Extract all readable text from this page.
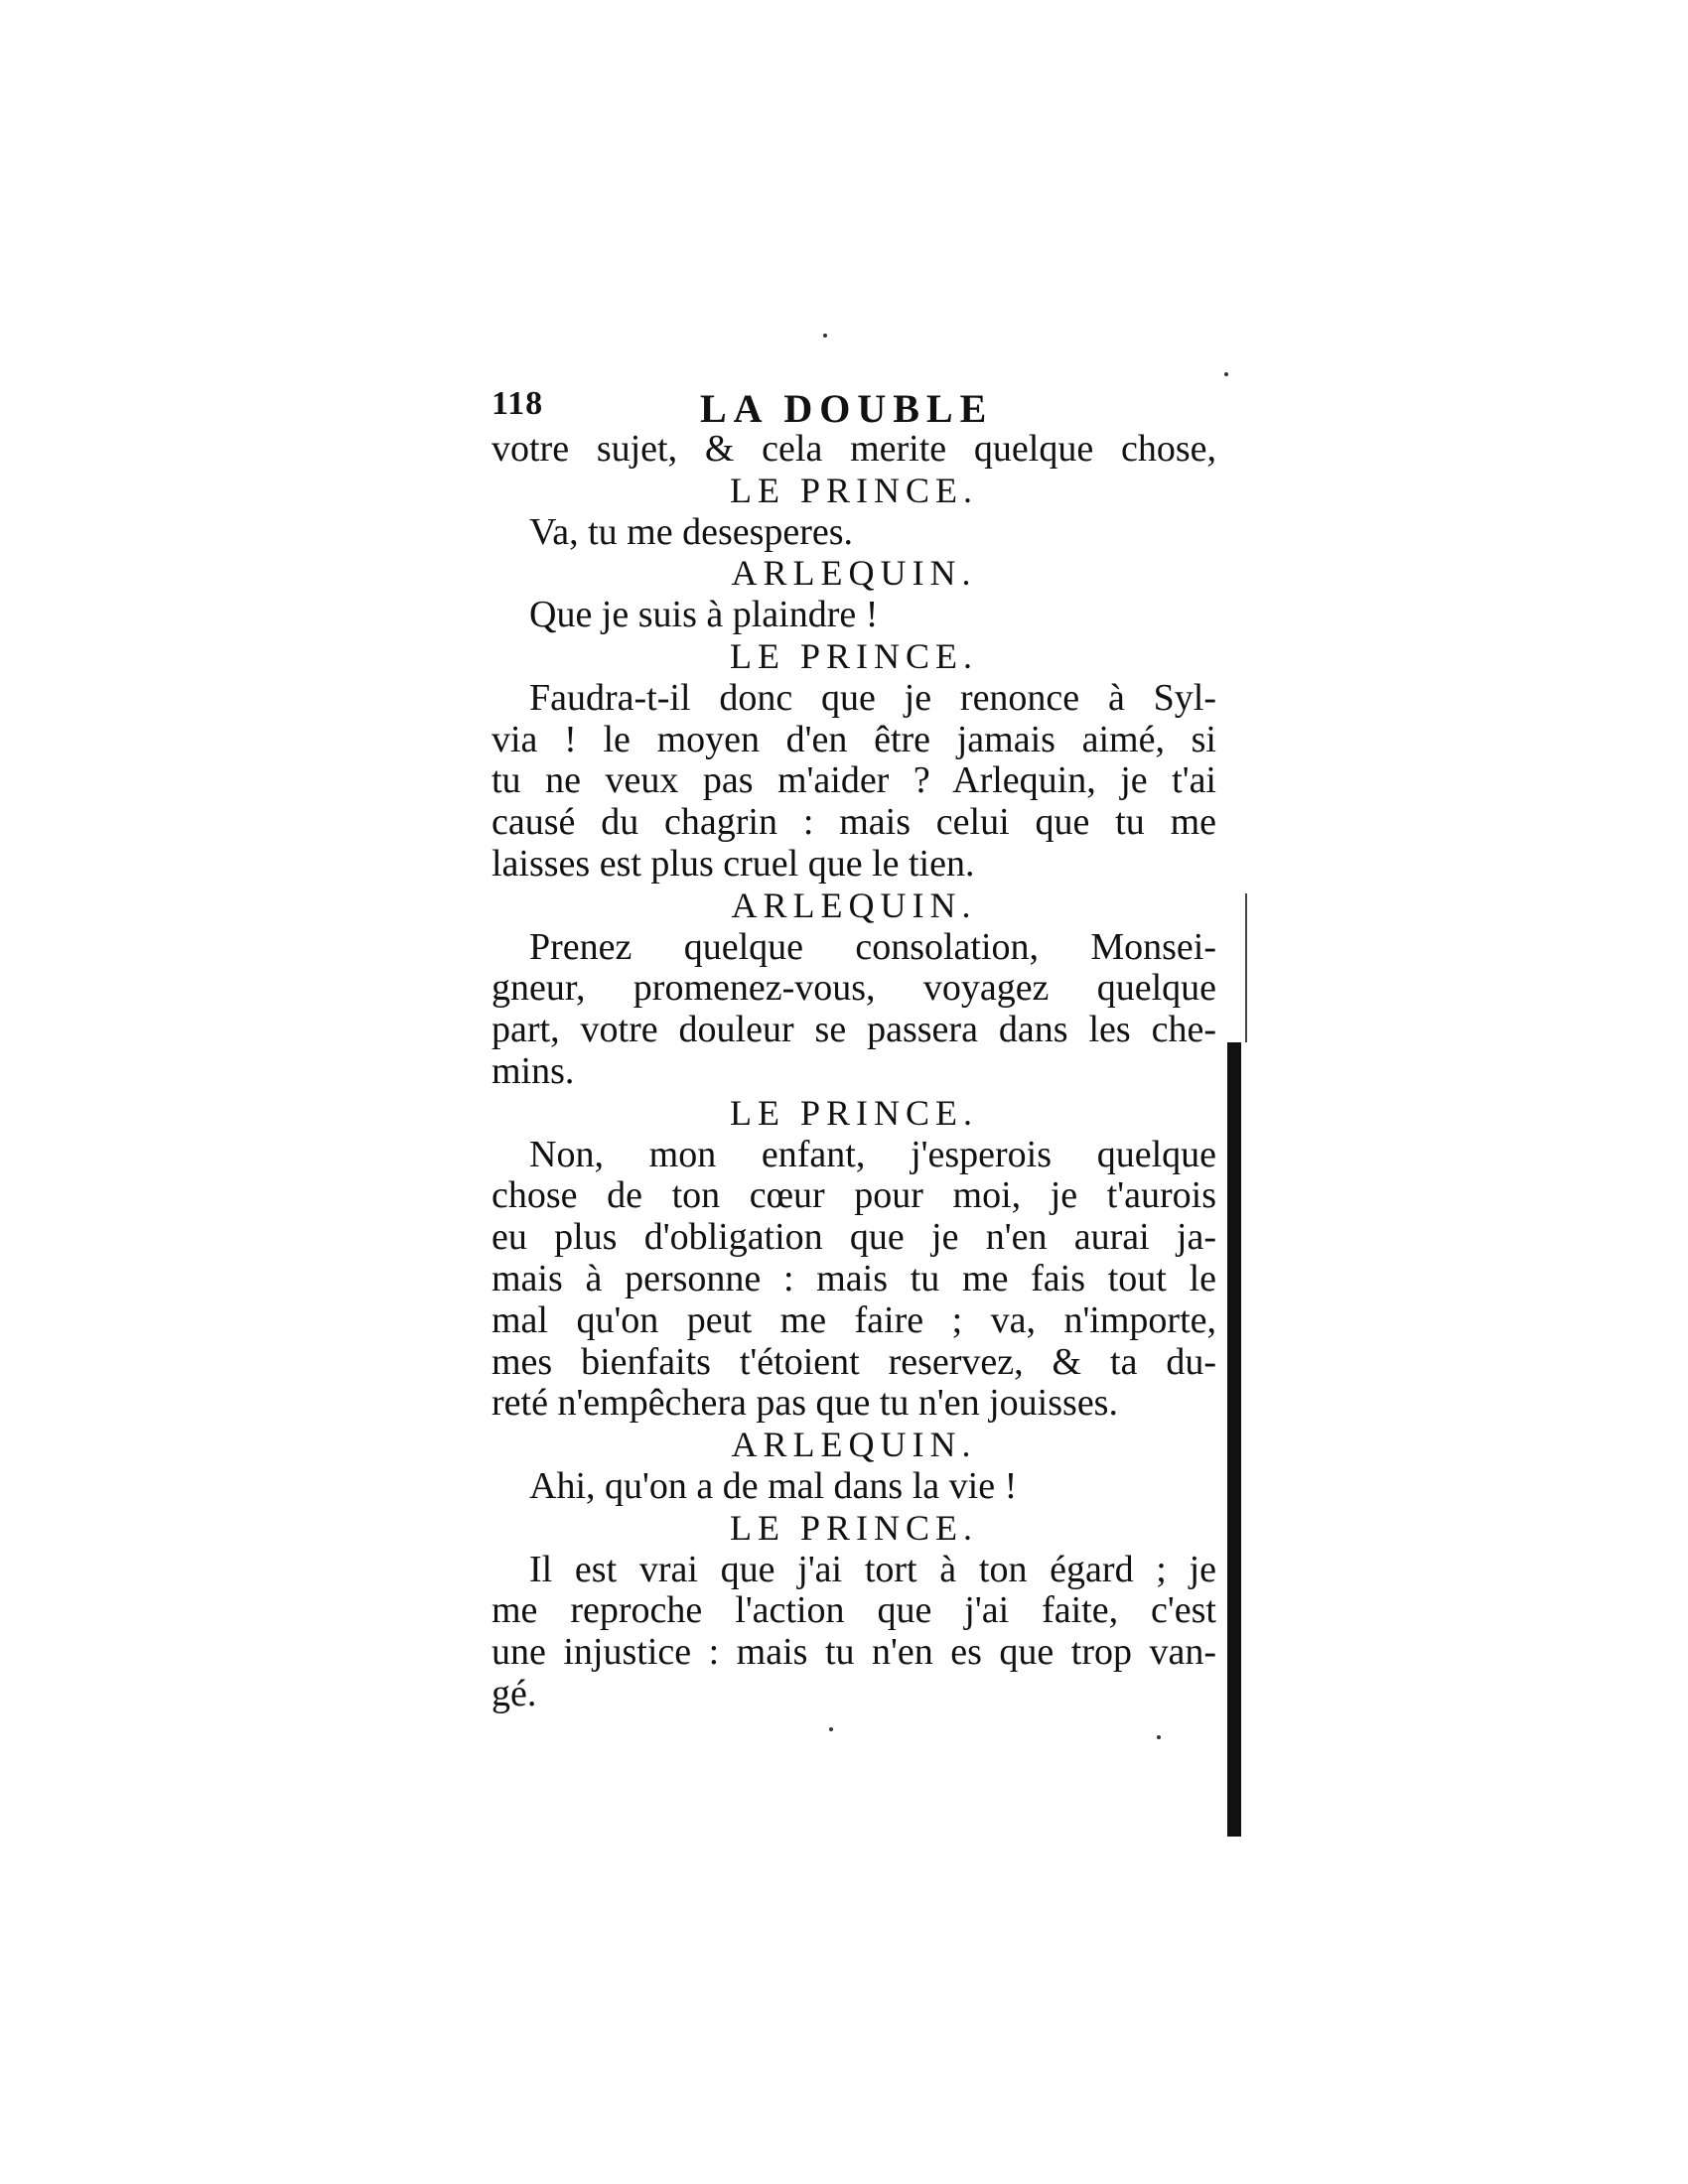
118	LA DOUBLE
votre sujet, & cela merite quelque chose,
LE PRINCE.
Va, tu me desesperes.
ARLEQUIN.
Que je suis à plaindre !
LE PRINCE.
Faudra-t-il donc que je renonce à Syl-
via ! le moyen d'en être jamais aimé, si
tu ne veux pas m'aider ? Arlequin, je t'ai
causé du chagrin : mais celui que tu me
laisses est plus cruel que le tien.
ARLEQUIN.
Prenez quelque consolation, Monsei-
gneur, promenez-vous, voyagez quelque
part, votre douleur se passera dans les che-
mins.
LE PRINCE.
Non, mon enfant, j'esperois quelque
chose de ton cœur pour moi, je t'aurois
eu plus d'obligation que je n'en aurai ja-
mais à personne : mais tu me fais tout le
mal qu'on peut me faire ; va, n'importe,
mes bienfaits t'étoient reservez, & ta du-
reté n'empêchera pas que tu n'en jouisses.
ARLEQUIN.
Ahi, qu'on a de mal dans la vie !
LE PRINCE.
Il est vrai que j'ai tort à ton égard ; je
me reproche l'action que j'ai faite, c'est
une injustice : mais tu n'en es que trop van-
gé.
